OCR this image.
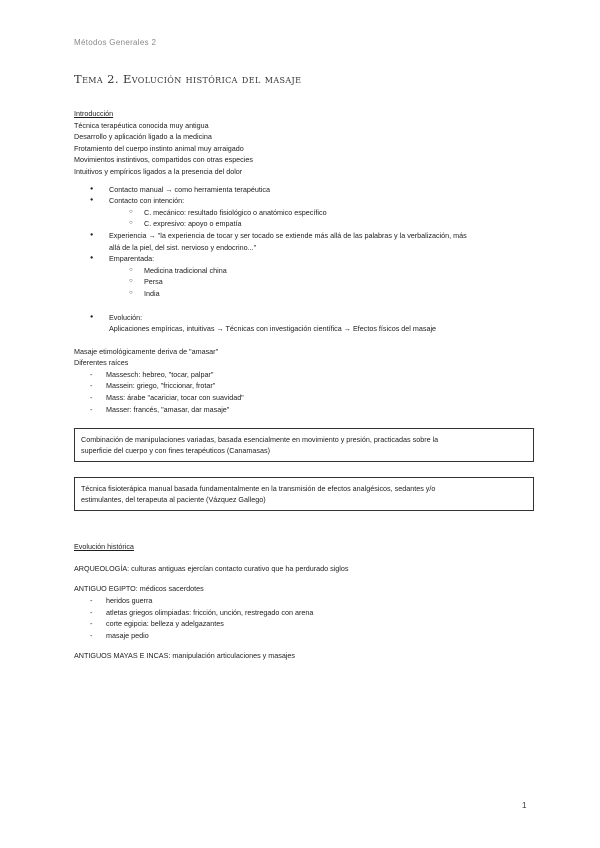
Métodos Generales 2
Tema 2. Evolución histórica del masaje
Introducción
Técnica terapéutica conocida muy antigua
Desarrollo y aplicación ligado a la medicina
Frotamiento del cuerpo instinto animal muy arraigado
Movimientos instintivos, compartidos con otras especies
Intuitivos y empíricos ligados a la presencia del dolor
● Contacto manual → como herramienta terapéutica
● Contacto con intención:
○ C. mecánico: resultado fisiológico o anatómico específico
○ C. expresivo: apoyo o empatía
● Experiencia → "la experiencia de tocar y ser tocado se extiende más allá de las palabras y la verbalización, más
allá de la piel, del sist. nervioso y endocrino..."
● Emparentada:
○ Medicina tradicional china
○ Persa
○ India
● Evolución:
Aplicaciones empíricas, intuitivas → Técnicas con investigación científica → Efectos físicos del masaje
Masaje etimológicamente deriva de "amasar"
Diferentes raíces
- Massesch: hebreo, "tocar, palpar"
- Massein: griego, "friccionar, frotar"
- Mass: árabe "acariciar, tocar con suavidad"
- Masser: francés, "amasar, dar masaje"
Combinación de manipulaciones variadas, basada esencialmente en movimiento y presión, practicadas sobre la
superficie del cuerpo y con fines terapéuticos (Canamasas)
Técnica fisioterápica manual basada fundamentalmente en la transmisión de efectos analgésicos, sedantes y/o
estimulantes, del terapeuta al paciente (Vázquez Gallego)
Evolución histórica
ARQUEOLOGÍA: culturas antiguas ejercían contacto curativo que ha perdurado siglos
ANTIGUO EGIPTO: médicos sacerdotes
- heridos guerra
- atletas griegos olimpiadas: fricción, unción, restregado con arena
- corte egipcia: belleza y adelgazantes
- masaje pedio
ANTIGUOS MAYAS E INCAS: manipulación articulaciones y masajes
1
